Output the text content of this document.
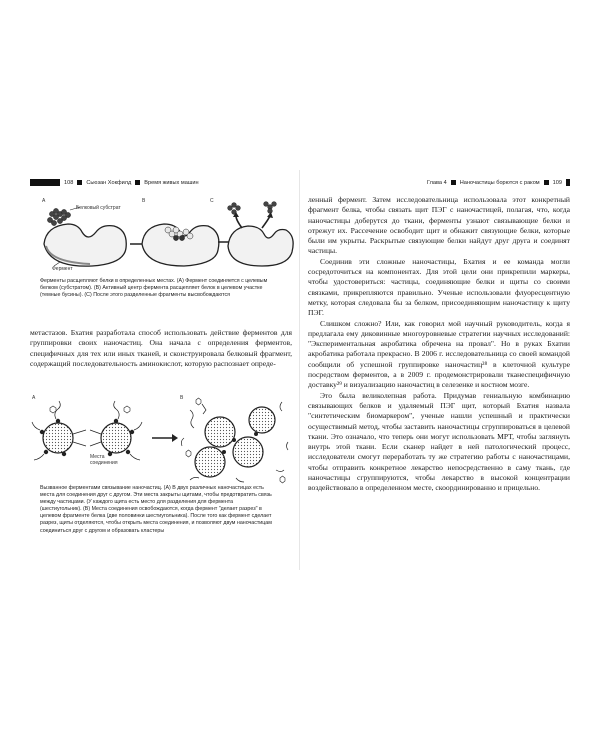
108 Сьюзан Хокфилд Время живых машин
A	B	C
Белковый субстрат
Фермент
Ферменты расщепляют белки в определенных местах. (A) Фермент соединяется с целевым белком (субстратом). (B) Активный центр фермента расщепляет белок в целевом участке (темные бусины). (C) После этого разделенные фрагменты высвобождаются

метастазов. Бхатия разработала способ использовать действие ферментов для группировки своих наночастиц. Она начала с определения ферментов, специфичных для тех или иных тканей, и сконструировала белковый фрагмент, содержащий последовательность аминокислот, которую распознает опреде-

A	B
Места соединения
Вызванное ферментами связывание наночастиц. (A) В двух различных наночастицах есть места для соединения друг с другом. Эти места закрыты щитами, чтобы предотвратить связь между частицами. (У каждого щита есть место для разделения для фермента (шестиугольник). (B) Места соединения освобождаются, когда фермент "делает разрез" в целевом фрагменте белка (две половинки шестиугольника). После того как фермент сделает разрез, щиты отделяются, чтобы открыть места соединения, и позволяют двум наночастицам соединиться друг с другом и образовать кластеры
Глава 4 Наночастицы борются с раком 109

ленный фермент. Затем исследовательница использовала этот конкретный фрагмент белка, чтобы связать щит ПЭГ с наночастицей, полагая, что, когда наночастицы доберутся до ткани, ферменты узнают связывающие белки и отрежут их. Рассечение освободит щит и обнажит связующие белки, которые были им укрыты. Раскрытые связующие белки найдут друг друга и соединят частицы.

Соединив эти сложные наночастицы, Бхатия и ее команда могли сосредоточиться на компонентах. Для этой цели они прикрепили маркеры, чтобы удостовериться: частицы, соединяющие белки и щиты со своими связками, прикрепляются правильно. Ученые использовали флуоресцентную метку, которая следовала бы за белком, присоединяющим наночастицу к щиту ПЭГ.

Слишком сложно? Или, как говорил мой научный руководитель, когда я предлагала ему диковинные многоуровневые стратегии научных исследований: "Экспериментальная акробатика обречена на провал". Но в руках Бхатии акробатика работала прекрасно. В 2006 г. исследовательница со своей командой сообщили об успешной группировке наночастиц²⁸ в клеточной культуре посредством ферментов, а в 2009 г. продемонстрировали тканеспецифичную доставку²⁹ и визуализацию наночастиц в селезенке и костном мозге.

Это была великолепная работа. Придумав гениальную комбинацию связывающих белков и удаляемый ПЭГ щит, который Бхатия назвала "синтетическим биомаркером", ученые нашли успешный и практически осуществимый метод, чтобы заставить наночастицы сгруппироваться в целевой ткани. Это означало, что теперь они могут использовать МРТ, чтобы заглянуть внутрь этой ткани. Если сканер найдет в ней патологический процесс, исследователи смогут переработать ту же стратегию работы с наночастицами, чтобы отправить конкретное лекарство непосредственно в саму ткань, где наночастицы сгруппируются, чтобы лекарство в высокой концентрации воздействовало в определенном месте, скоординированно и прицельно.
